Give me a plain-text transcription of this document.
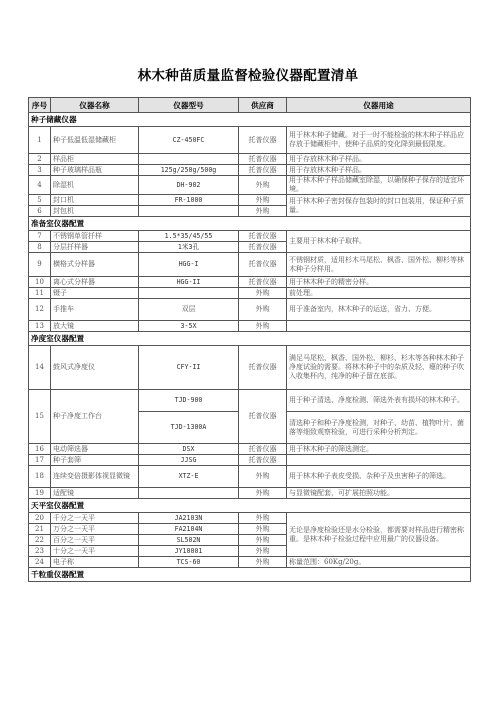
林木种苗质量监督检验仪器配置清单
序号	仪器名称	仪器型号	供应商	仪器用途
种子储藏仪器				
1	种子低温低湿储藏柜	CZ-450FC	托普仪器	用于林木种子储藏。对于一时不能检验的林木种子样品应存放于储藏柜中，使种子品质的变化降到最低限度。
2	样品柜		托普仪器	用于存放林木种子样品。
3	种子玻璃样品瓶	125g/250g/500g	托普仪器	用于存放林木种子样品。
4	除湿机	DH-902	外购	用于林木种子样品储藏室除湿，以确保种子保存的适宜环境。
5	封口机	FR-1000	外购	用于林木种子密封保存包装时的封口包装用，保证种子质量。
6	封包机		外购	
准备室仪器配置				
7	不锈钢单管扦样	1.5*35/45/55	托普仪器	主要用于林木种子取样。
8	分层扦样器	1米3孔	托普仪器	
9	横格式分样器	HGG-I	托普仪器	不锈钢材质，适用杉木马尾松、枫香、国外松、柳杉等林木种子分样用。
10	离心式分样器	HGG-II	托普仪器	用于林木种子的精密分样。
11	镊子		外购	前处理。
12	手推车	双层	外购	用于准备室内，林木种子的运送，省力、方便。
13	放大镜	3-5X	外购	
净度室仪器配置				
14	鼓风式净度仪	CFY-II	托普仪器	满足马尾松、枫香、国外松、柳杉、杉木等各种林木种子净度试验的需要。将林木种子中的杂质及轻、瘪的种子吹入收集杯内，纯净的种子留在底部。
15	种子净度工作台	TJD-900	托普仪器	用于种子清选、净度检测、筛选外表有损坏的林木种子。
		TJD-1300A		清选种子和种子净度检测，对种子、幼苗、植物叶片、菌落等细致观察检验，可进行采种分析判定。
16	电动筛选器	DSX	托普仪器	用于林木种子的筛选测定。
17	种子套筛	JJSG	托普仪器	
18	连续变倍摄影体视显微镜	XTZ-E	外购	用于林木种子表皮受损、杂种子及虫害种子的筛选。
19	适配镜		外购	与显微镜配套，可扩展拍照功能。
天平室仪器配置				
20	千分之一天平	JA2103N	外购	无论是净度检验还是水分检验，都需要对样品进行精密称重。是林木种子检验过程中应用最广的仪器设备。
21	万分之一天平	FA2104N	外购	
22	百分之一天平	SL502N	外购	
23	十分之一天平	JY10001	外购	
24	电子称	TCS-60	外购	称量范围：60Kg/20g。
千粒重仪器配置				
